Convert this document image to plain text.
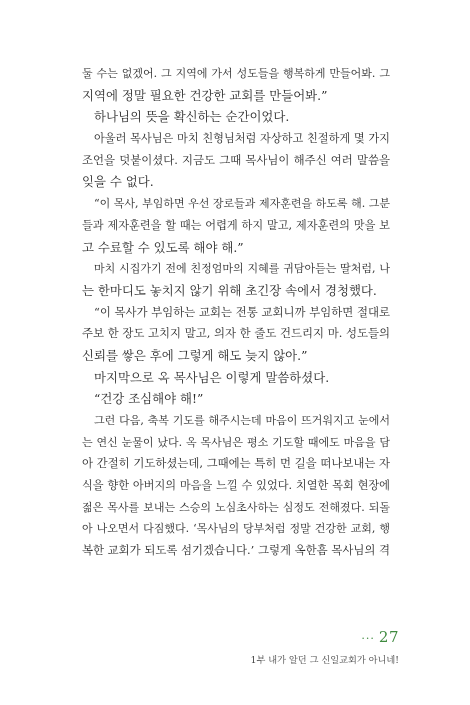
둘 수는 없겠어. 그 지역에 가서 성도들을 행복하게 만들어봐. 그
지역에 정말 필요한 건강한 교회를 만들어봐.”
하나님의 뜻을 확신하는 순간이었다.
아울러 목사님은 마치 친형님처럼 자상하고 친절하게 몇 가지
조언을 덧붙이셨다. 지금도 그때 목사님이 해주신 여러 말씀을
잊을 수 없다.
“이 목사, 부임하면 우선 장로들과 제자훈련을 하도록 해. 그분
들과 제자훈련을 할 때는 어렵게 하지 말고, 제자훈련의 맛을 보
고 수료할 수 있도록 해야 해.”
마치 시집가기 전에 친정엄마의 지혜를 귀담아듣는 딸처럼, 나
는 한마디도 놓치지 않기 위해 초긴장 속에서 경청했다.
“이 목사가 부임하는 교회는 전통 교회니까 부임하면 절대로
주보 한 장도 고치지 말고, 의자 한 줄도 건드리지 마. 성도들의
신뢰를 쌓은 후에 그렇게 해도 늦지 않아.”
마지막으로 옥 목사님은 이렇게 말씀하셨다.
“건강 조심해야 해!”
그런 다음, 축복 기도를 해주시는데 마음이 뜨거워지고 눈에서
는 연신 눈물이 났다. 옥 목사님은 평소 기도할 때에도 마음을 담
아 간절히 기도하셨는데, 그때에는 특히 먼 길을 떠나보내는 자
식을 향한 아버지의 마음을 느낄 수 있었다. 치열한 목회 현장에
젊은 목사를 보내는 스승의 노심초사하는 심정도 전해졌다. 되돌
아 나오면서 다짐했다. ‘목사님의 당부처럼 정말 건강한 교회, 행
복한 교회가 되도록 섬기겠습니다.’ 그렇게 옥한흠 목사님의 격
··· 27
1부 내가 알던 그 신일교회가 아니네!
